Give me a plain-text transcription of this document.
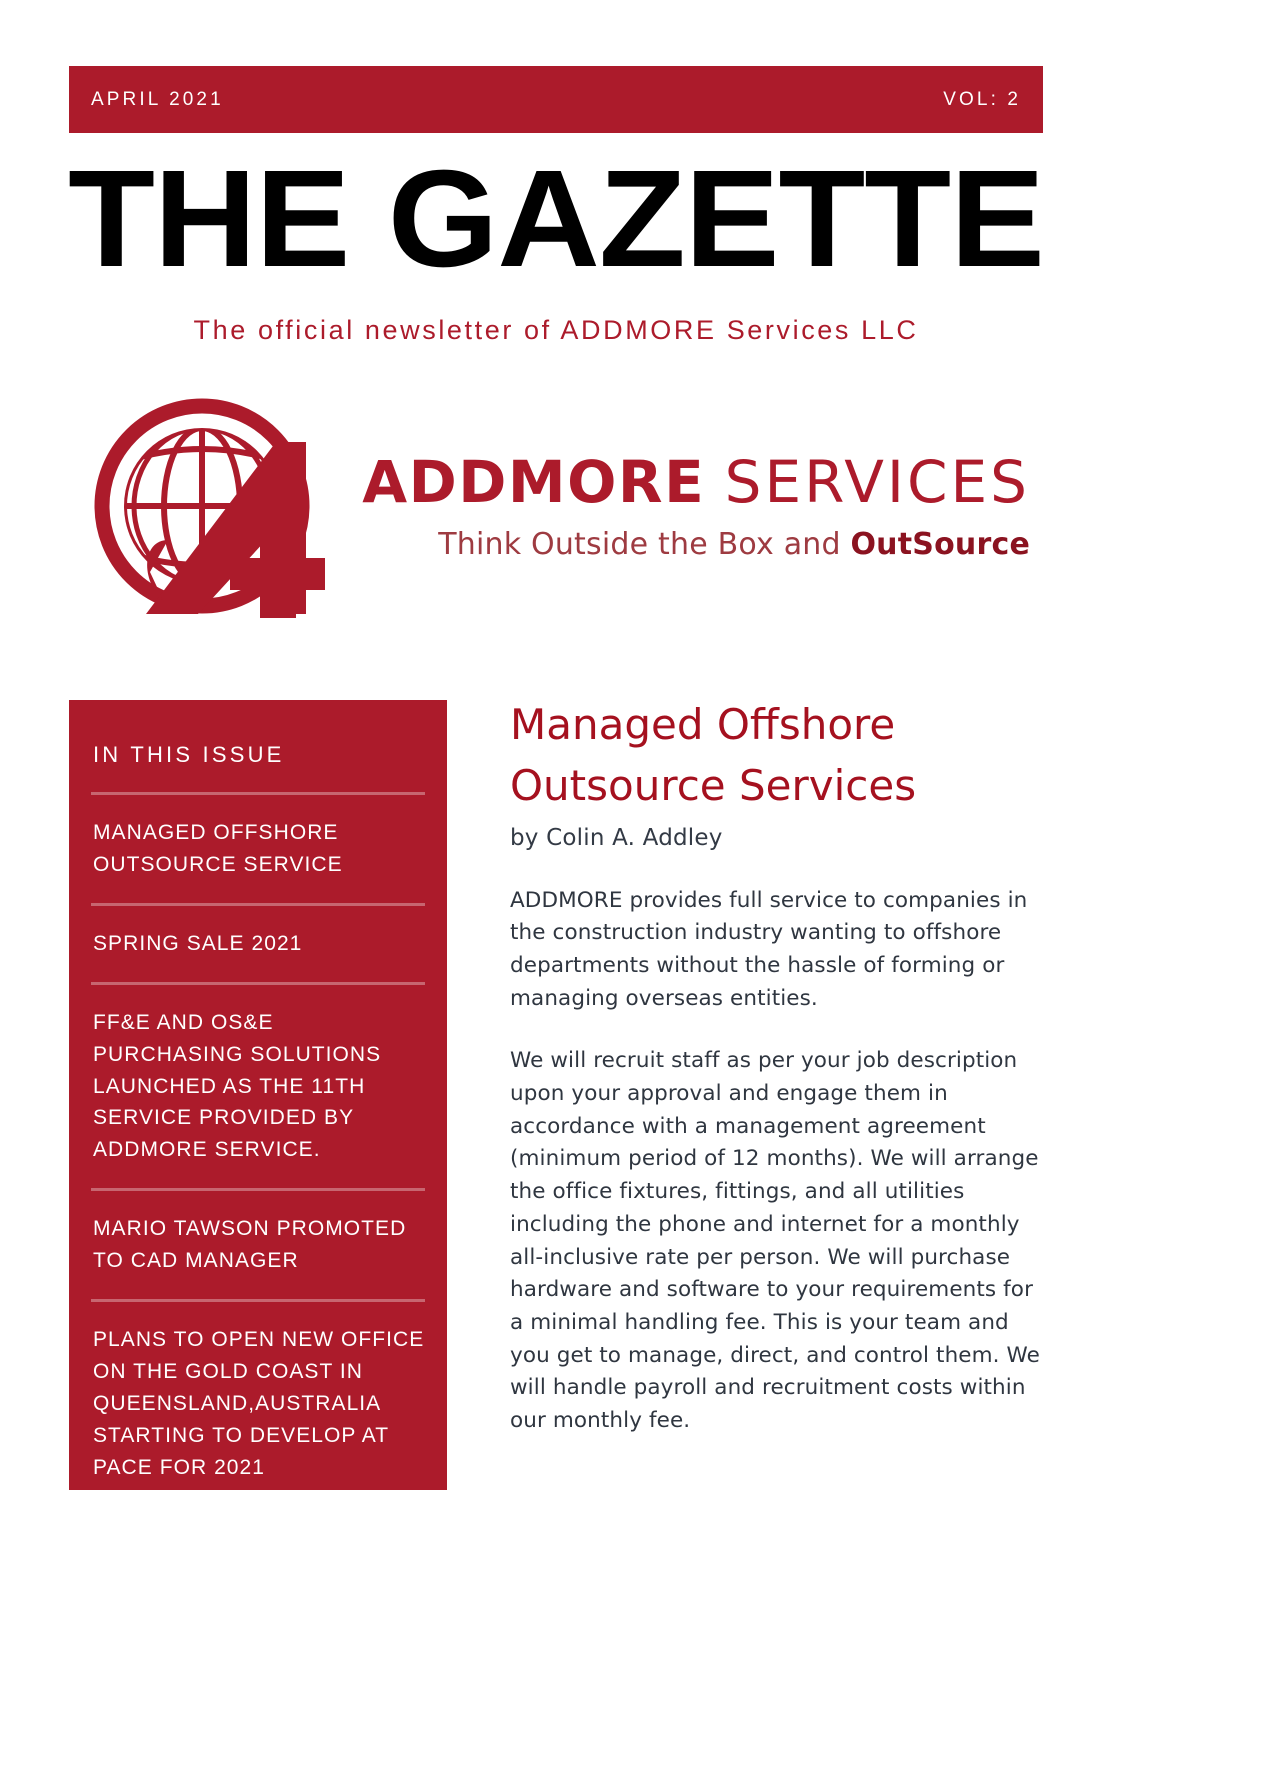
APRIL 2021	VOL: 2
THE GAZETTE
The official newsletter of ADDMORE Services LLC
ADDMORE SERVICES
Think Outside the Box and OutSource
IN THIS ISSUE
MANAGED OFFSHORE OUTSOURCE SERVICE
SPRING SALE 2021
FF&E AND OS&E PURCHASING SOLUTIONS LAUNCHED AS THE 11TH SERVICE PROVIDED BY ADDMORE SERVICE.
MARIO TAWSON PROMOTED TO CAD MANAGER
PLANS TO OPEN NEW OFFICE ON THE GOLD COAST IN QUEENSLAND,AUSTRALIA STARTING TO DEVELOP AT PACE FOR 2021
Managed Offshore Outsource Services
by Colin A. Addley

ADDMORE provides full service to companies in the construction industry wanting to offshore departments without the hassle of forming or managing overseas entities.

We will recruit staff as per your job description upon your approval and engage them in accordance with a management agreement (minimum period of 12 months). We will arrange the office fixtures, fittings, and all utilities including the phone and internet for a monthly all-inclusive rate per person. We will purchase hardware and software to your requirements for a minimal handling fee. This is your team and you get to manage, direct, and control them. We will handle payroll and recruitment costs within our monthly fee.
